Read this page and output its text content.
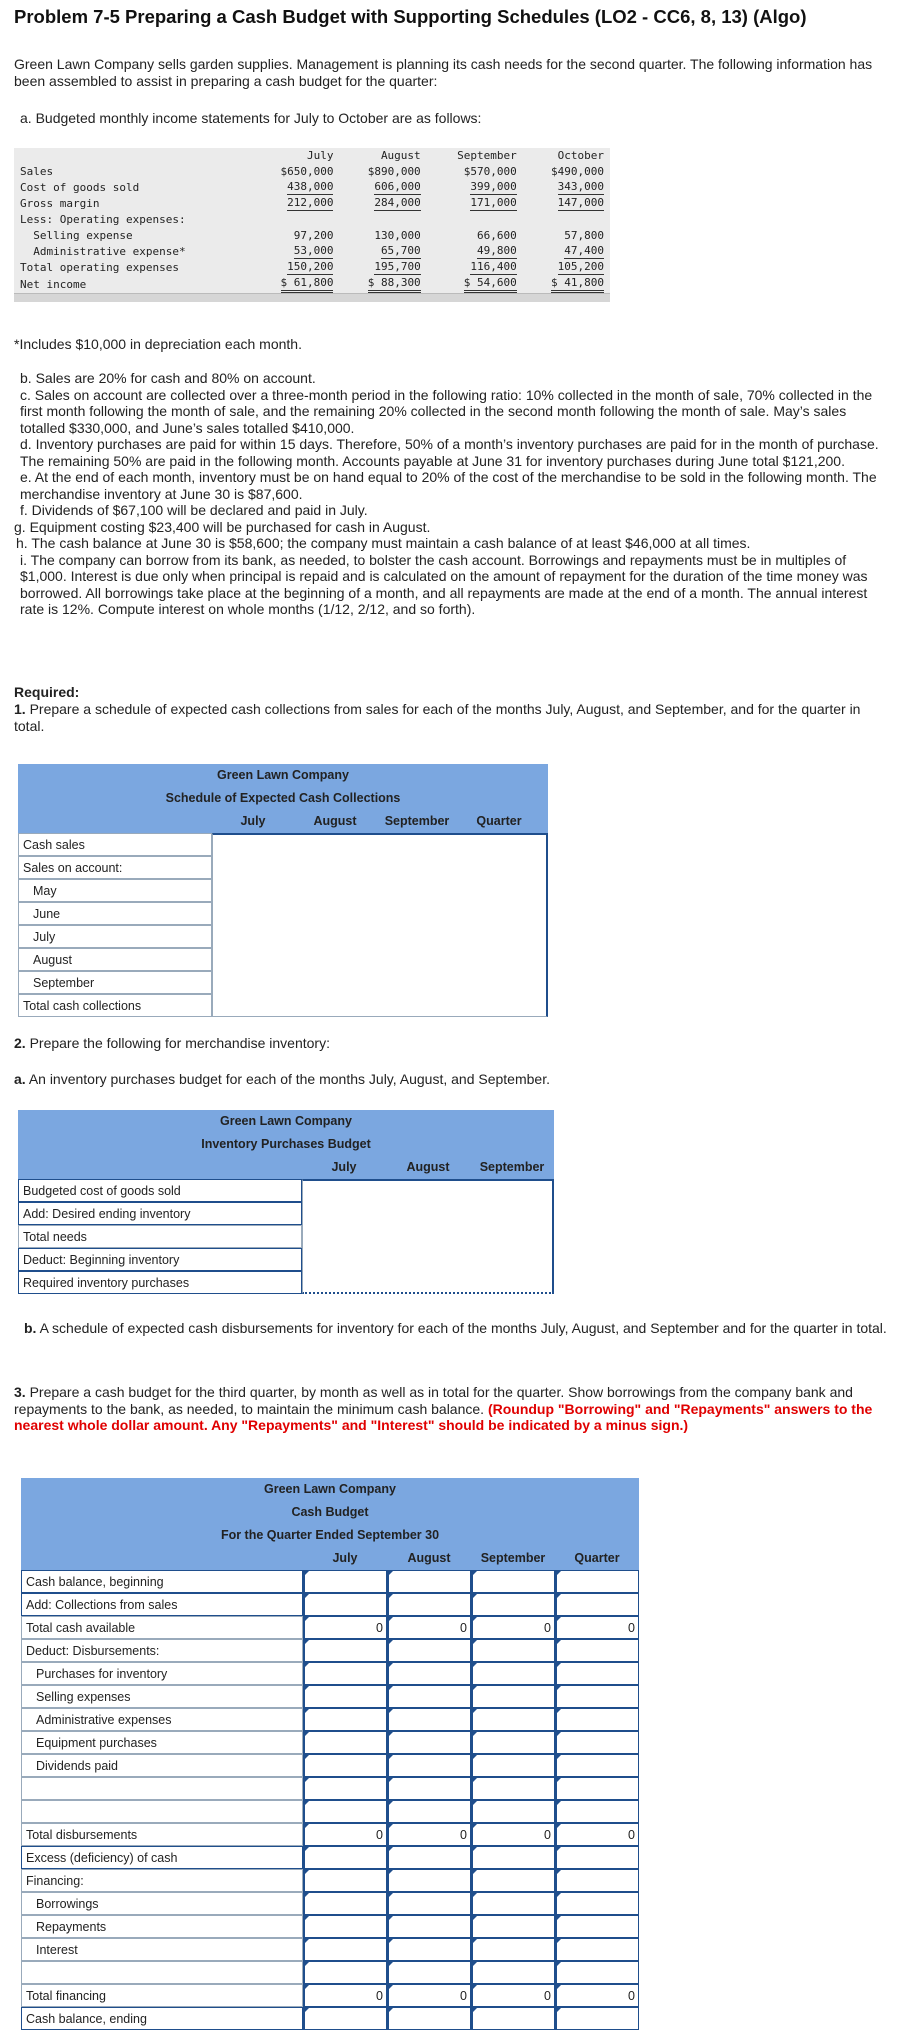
Problem 7-5 Preparing a Cash Budget with Supporting Schedules (LO2 - CC6, 8, 13) (Algo)

Green Lawn Company sells garden supplies. Management is planning its cash needs for the second quarter. The following information has been assembled to assist in preparing a cash budget for the quarter:

a. Budgeted monthly income statements for July to October are as follows:

	July	August	September	October
Sales	$650,000	$890,000	$570,000	$490,000
Cost of goods sold	438,000	606,000	399,000	343,000
Gross margin	212,000	284,000	171,000	147,000
Less: Operating expenses:				
Selling expense	97,200	130,000	66,600	57,800
Administrative expense*	53,000	65,700	49,800	47,400
Total operating expenses	150,200	195,700	116,400	105,200
Net income	$ 61,800	$ 88,300	$ 54,600	$ 41,800

*Includes $10,000 in depreciation each month.

b. Sales are 20% for cash and 80% on account.
c. Sales on account are collected over a three-month period in the following ratio: 10% collected in the month of sale, 70% collected in the first month following the month of sale, and the remaining 20% collected in the second month following the month of sale. May’s sales totalled $330,000, and June’s sales totalled $410,000.
d. Inventory purchases are paid for within 15 days. Therefore, 50% of a month’s inventory purchases are paid for in the month of purchase. The remaining 50% are paid in the following month. Accounts payable at June 31 for inventory purchases during June total $121,200.
e. At the end of each month, inventory must be on hand equal to 20% of the cost of the merchandise to be sold in the following month. The merchandise inventory at June 30 is $87,600.
f. Dividends of $67,100 will be declared and paid in July.
g. Equipment costing $23,400 will be purchased for cash in August.
h. The cash balance at June 30 is $58,600; the company must maintain a cash balance of at least $46,000 at all times.
i. The company can borrow from its bank, as needed, to bolster the cash account. Borrowings and repayments must be in multiples of $1,000. Interest is due only when principal is repaid and is calculated on the amount of repayment for the duration of the time money was borrowed. All borrowings take place at the beginning of a month, and all repayments are made at the end of a month. The annual interest rate is 12%. Compute interest on whole months (1/12, 2/12, and so forth).

Required:

1. Prepare a schedule of expected cash collections from sales for each of the months July, August, and September, and for the quarter in total.

Green Lawn Company
Schedule of Expected Cash Collections
July	August	September	Quarter
Cash sales
Sales on account:
May
June
July
August
September
Total cash collections

2. Prepare the following for merchandise inventory:

a. An inventory purchases budget for each of the months July, August, and September.

Green Lawn Company
Inventory Purchases Budget
July	August	September
Budgeted cost of goods sold
Add: Desired ending inventory
Total needs
Deduct: Beginning inventory
Required inventory purchases

b. A schedule of expected cash disbursements for inventory for each of the months July, August, and September and for the quarter in total.

3. Prepare a cash budget for the third quarter, by month as well as in total for the quarter. Show borrowings from the company bank and repayments to the bank, as needed, to maintain the minimum cash balance. (Roundup "Borrowing" and "Repayments" answers to the nearest whole dollar amount. Any "Repayments" and "Interest" should be indicated by a minus sign.)

Green Lawn Company
Cash Budget
For the Quarter Ended September 30
July	August	September	Quarter
Cash balance, beginning
Add: Collections from sales
Total cash available	0	0	0	0
Deduct: Disbursements:
Purchases for inventory
Selling expenses
Administrative expenses
Equipment purchases
Dividends paid
Total disbursements	0	0	0	0
Excess (deficiency) of cash
Financing:
Borrowings
Repayments
Interest
Total financing	0	0	0	0
Cash balance, ending
